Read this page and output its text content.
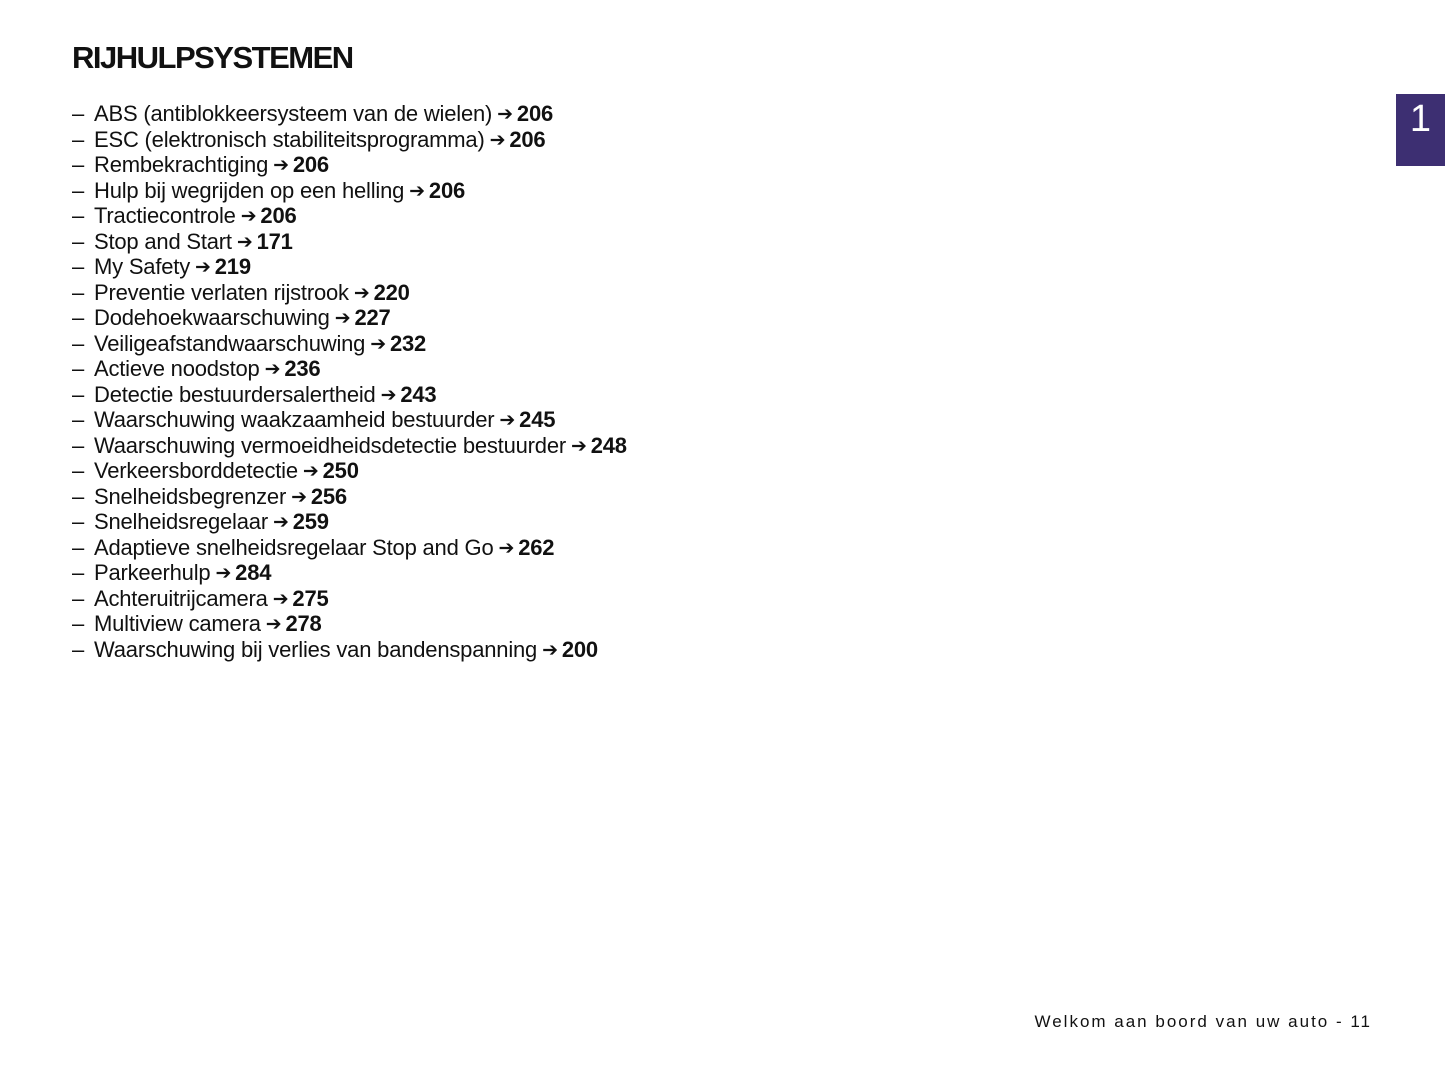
RIJHULPSYSTEMEN
1
– ABS (antiblokkeersysteem van de wielen) ➔ 206
– ESC (elektronisch stabiliteitsprogramma) ➔ 206
– Rembekrachtiging ➔ 206
– Hulp bij wegrijden op een helling ➔ 206
– Tractiecontrole ➔ 206
– Stop and Start ➔ 171
– My Safety ➔ 219
– Preventie verlaten rijstrook ➔ 220
– Dodehoekwaarschuwing ➔ 227
– Veiligeafstandwaarschuwing ➔ 232
– Actieve noodstop ➔ 236
– Detectie bestuurdersalertheid ➔ 243
– Waarschuwing waakzaamheid bestuurder ➔ 245
– Waarschuwing vermoeidheidsdetectie bestuurder ➔ 248
– Verkeersborddetectie ➔ 250
– Snelheidsbegrenzer ➔ 256
– Snelheidsregelaar ➔ 259
– Adaptieve snelheidsregelaar Stop and Go ➔ 262
– Parkeerhulp ➔ 284
– Achteruitrijcamera ➔ 275
– Multiview camera ➔ 278
– Waarschuwing bij verlies van bandenspanning ➔ 200
Welkom aan boord van uw auto - 11
